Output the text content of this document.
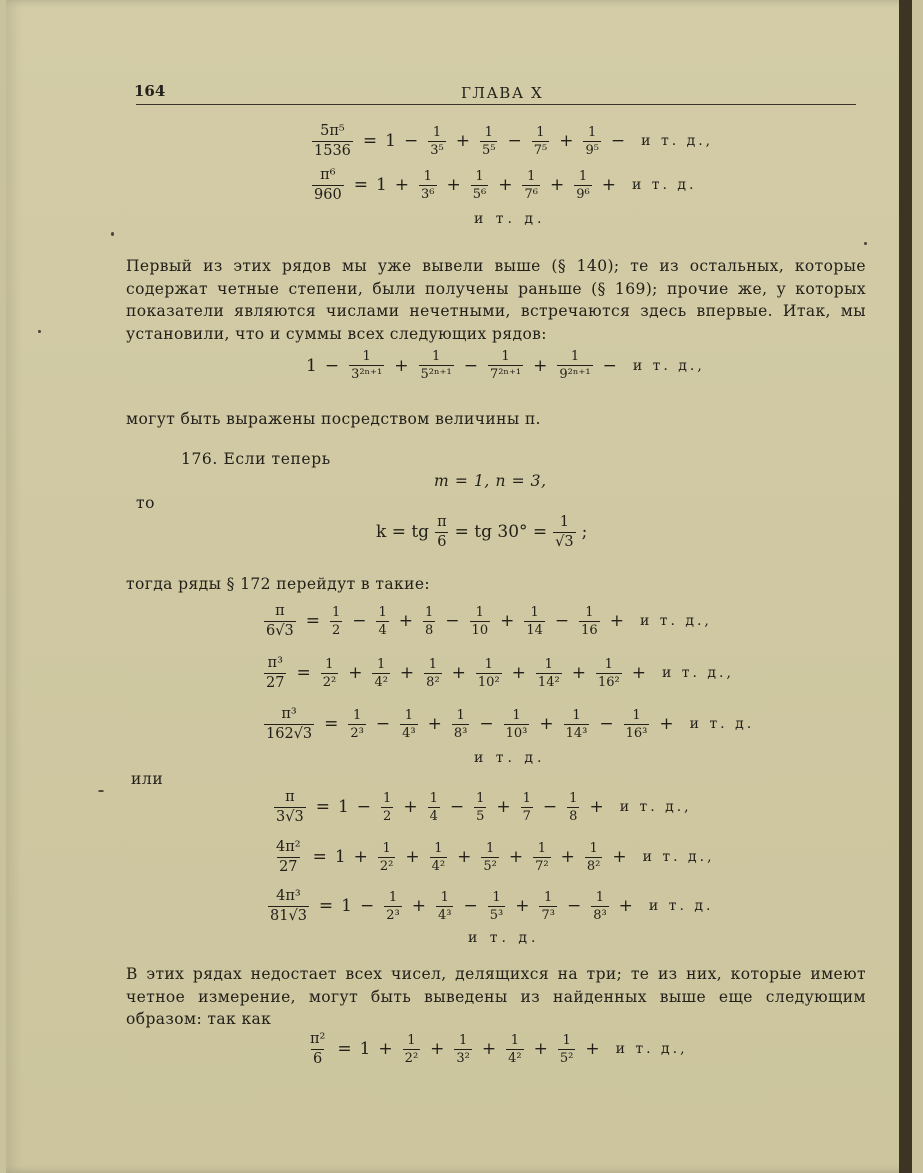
164	ГЛАВА X
$\frac{\text{5π⁵}}{1536} = 1 - \frac{1}{\text{3⁵}} + \frac{1}{\text{5⁵}} - \frac{1}{\text{7⁵}} + \frac{1}{\text{9⁵}} - и$ т. д.,
$\frac{\text{π⁶}}{960} = 1 + \frac{1}{\text{3⁶}} + \frac{1}{\text{5⁶}} + \frac{1}{\text{7⁶}} + \frac{1}{\text{9⁶}} + и$ т. д.
и т. д.
Первый из этих рядов мы уже вывели выше (§ 140); те из остальных, которые содержат четные степени, были получены раньше (§ 169); прочие же, у которых показатели являются числами нечетными, встречаются здесь впервые. Итак, мы установили, что и суммы всех следующих рядов:
$1 - \frac{1}{\text{3²ⁿ⁺¹}} + \frac{1}{\text{5²ⁿ⁺¹}} - \frac{1}{\text{7²ⁿ⁺¹}} + \frac{1}{\text{9²ⁿ⁺¹}} - и$ т. д.,
могут быть выражены посредством величины π.
176. Если теперь
m = 1, n = 3,
то
k = tg $\frac{\pi}{6}$ = tg $30^\circ = \frac{1}{√3}$ ;
тогда ряды § 172 перейдут в такие:
$\frac{\pi}{6√3} = \frac{1}{2} - \frac{1}{4} + \frac{1}{8} - \frac{1}{10} + \frac{1}{14} - \frac{1}{16} + и$ т. д.,
$\frac{\text{π³}}{27} = \frac{1}{\text{2²}} + \frac{1}{\text{4²}} + \frac{1}{\text{8²}} + \frac{1}{\text{10²}} + \frac{1}{\text{14²}} + \frac{1}{\text{16²}} + и$ т. д.,
$\frac{\text{π³}}{162√3} = \frac{1}{\text{2³}} - \frac{1}{\text{4³}} + \frac{1}{\text{8³}} - \frac{1}{\text{10³}} + \frac{1}{\text{14³}} - \frac{1}{\text{16³}} + и$ т. д.
и т. д.
или
$\frac{\pi}{3√3} = 1 - \frac{1}{2} + \frac{1}{4} - \frac{1}{5} + \frac{1}{7} - \frac{1}{8} + и$ т. д.,
$\frac{\text{4π²}}{27} = 1 + \frac{1}{\text{2²}} + \frac{1}{\text{4²}} + \frac{1}{\text{5²}} + \frac{1}{\text{7²}} + \frac{1}{\text{8²}} + и$ т. д.,
$\frac{\text{4π³}}{81√3} = 1 - \frac{1}{\text{2³}} + \frac{1}{\text{4³}} - \frac{1}{\text{5³}} + \frac{1}{\text{7³}} - \frac{1}{\text{8³}} + и$ т. д.
и т. д.
В этих рядах недостает всех чисел, делящихся на три; те из них, которые имеют четное измерение, могут быть выведены из найденных выше еще следующим образом: так как
$\frac{\text{π²}}{6} = 1 + \frac{1}{\text{2²}} + \frac{1}{\text{3²}} + \frac{1}{\text{4²}} + \frac{1}{\text{5²}} + и$ т. д.,
